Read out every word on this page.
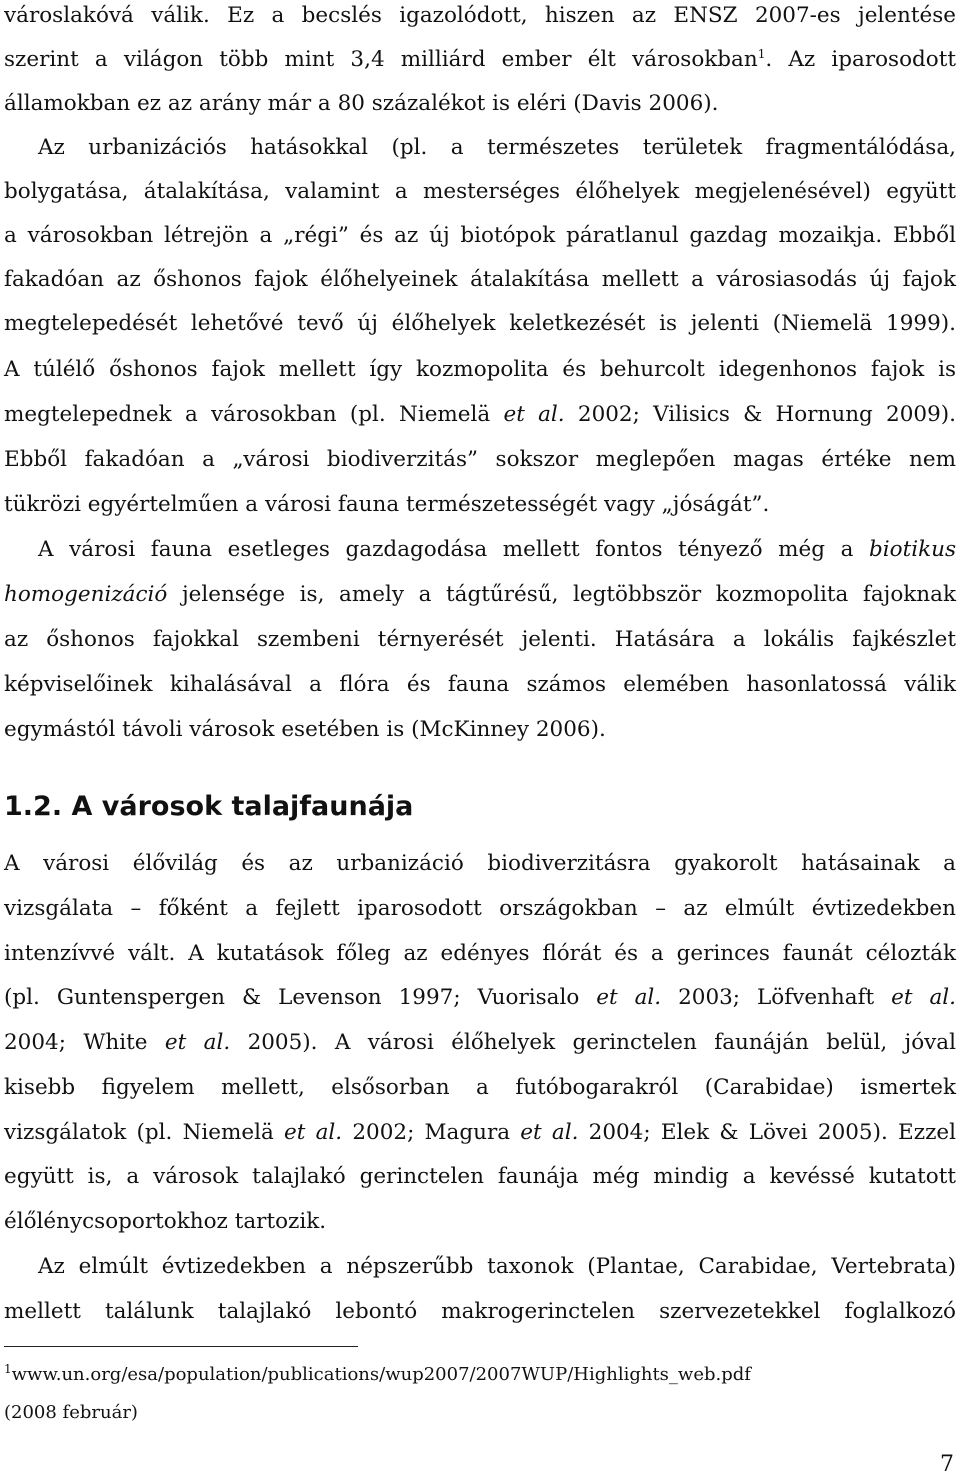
városlakóvá válik. Ez a becslés igazolódott, hiszen az ENSZ 2007-es jelentése
szerint a világon több mint 3,4 milliárd ember élt városokban$^1$. Az iparosodott
államokban ez az arány már a 80 százalékot is eléri (Davis 2006).
Az urbanizációs hatásokkal (pl. a természetes területek fragmentálódása,
bolygatása, átalakítása, valamint a mesterséges élőhelyek megjelenésével) együtt
a városokban létrejön a „régi” és az új biotópok páratlanul gazdag mozaikja. Ebből
fakadóan az őshonos fajok élőhelyeinek átalakítása mellett a városiasodás új fajok
megtelepedését lehetővé tevő új élőhelyek keletkezését is jelenti (Niemelä 1999).
A túlélő őshonos fajok mellett így kozmopolita és behurcolt idegenhonos fajok is
megtelepednek a városokban (pl. Niemelä et al. 2002; Vilisics & Hornung 2009).
Ebből fakadóan a „városi biodiverzitás” sokszor meglepően magas értéke nem
tükrözi egyértelműen a városi fauna természetességét vagy „jóságát”.
A városi fauna esetleges gazdagodása mellett fontos tényező még a biotikus
homogenizáció jelensége is, amely a tágtűrésű, legtöbbször kozmopolita fajoknak
az őshonos fajokkal szembeni térnyerését jelenti. Hatására a lokális fajkészlet
képviselőinek kihalásával a flóra és fauna számos elemében hasonlatossá válik
egymástól távoli városok esetében is (McKinney 2006).
1.2. A városok talajfaunája
A városi élővilág és az urbanizáció biodiverzitásra gyakorolt hatásainak a
vizsgálata – főként a fejlett iparosodott országokban – az elmúlt évtizedekben
intenzívvé vált. A kutatások főleg az edényes flórát és a gerinces faunát célozták
(pl. Guntenspergen & Levenson 1997; Vuorisalo et al. 2003; Löfvenhaft et al.
2004; White et al. 2005). A városi élőhelyek gerinctelen faunáján belül, jóval
kisebb figyelem mellett, elsősorban a futóbogarakról (Carabidae) ismertek
vizsgálatok (pl. Niemelä et al. 2002; Magura et al. 2004; Elek & Lövei 2005). Ezzel
együtt is, a városok talajlakó gerinctelen faunája még mindig a kevéssé kutatott
élőlénycsoportokhoz tartozik.
Az elmúlt évtizedekben a népszerűbb taxonok (Plantae, Carabidae, Vertebrata)
mellett találunk talajlakó lebontó makrogerinctelen szervezetekkel foglalkozó
$^1$www.un.org/esa/population/publications/wup2007/2007WUP/Highlights_web.pdf
(2008 február)
7
